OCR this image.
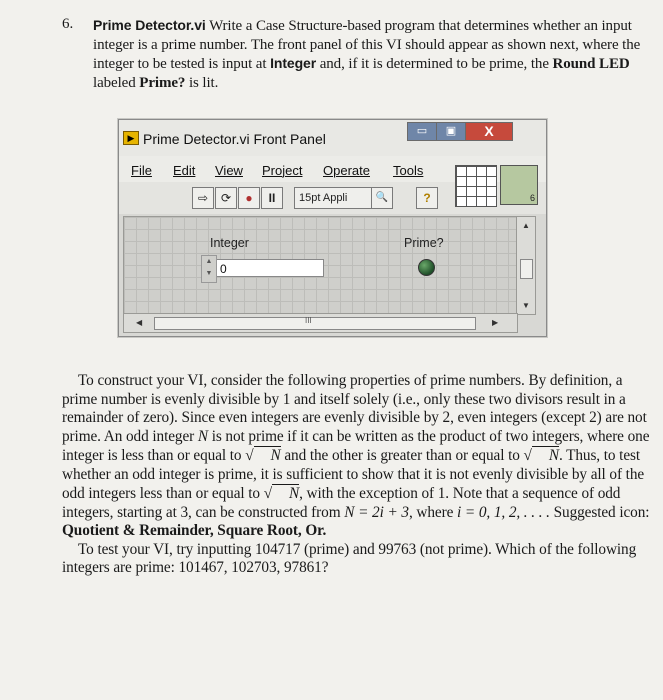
6. Prime Detector.vi Write a Case Structure-based program that determines whether an input integer is a prime number. The front panel of this VI should appear as shown next, where the integer to be tested is input at Integer and, if it is determined to be prime, the Round LED labeled Prime? is lit.
▶ Prime Detector.vi Front Panel	▭	▣	X
File Edit View Project Operate Tools
⇨	⟳	●	II	15pt Appli	🔍	?	6
Integer
0
▲
▼
Prime?
▲
▼
◀	III	▶

To construct your VI, consider the following properties of prime numbers. By definition, a prime number is evenly divisible by 1 and itself solely (i.e., only these two divisors result in a remainder of zero). Since even integers are evenly divisible by 2, even integers (except 2) are not prime. An odd integer N is not prime if it can be written as the product of two integers, where one integer is less than or equal to √ N and the other is greater than or equal to √ N. Thus, to test whether an odd integer is prime, it is sufficient to show that it is not evenly divisible by all of the odd integers less than or equal to √ N, with the exception of 1. Note that a sequence of odd integers, starting at 3, can be constructed from N = 2i + 3, where i = 0, 1, 2, . . . . Suggested icon: Quotient & Remainder, Square Root, Or.

To test your VI, try inputting 104717 (prime) and 99763 (not prime). Which of the following integers are prime: 101467, 102703, 97861?
